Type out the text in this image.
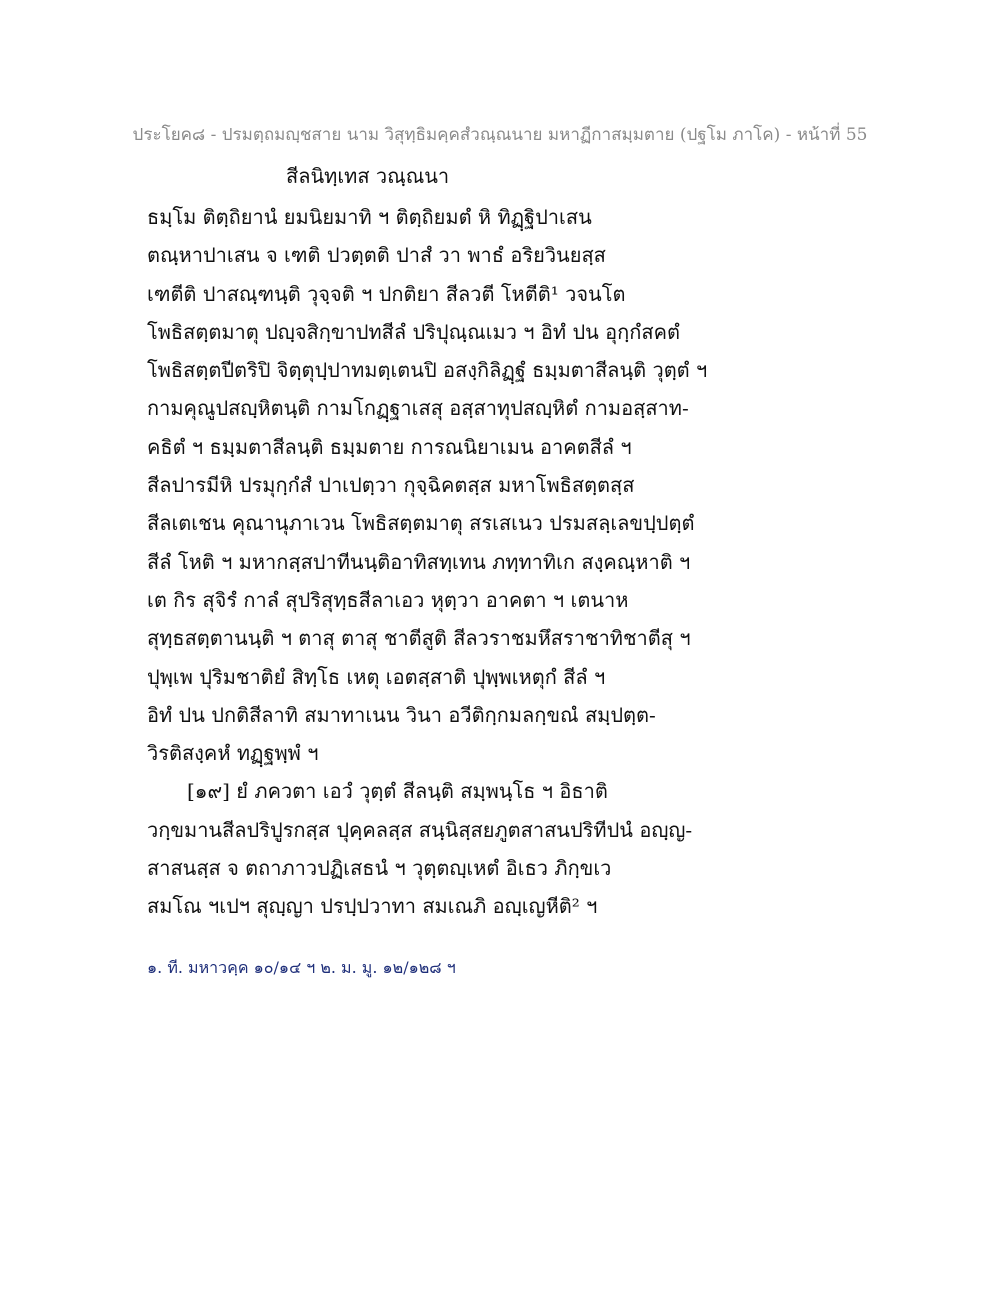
ประโยค๘ - ปรมตฺถมญฺชสาย นาม วิสุทฺธิมคฺคสํวณฺณนาย มหาฏีกาสมฺมตาย (ปฐโม ภาโค) - หน้าที่ 55
สีลนิทฺเทส วณฺณนา
ธมฺโม ติตฺถิยานํ ยมนิยมาทิ ฯ ติตฺถิยมตํ หิ ทิฏฺฐิปาเสน
ตณฺหาปาเสน จ เฑติ ปวตฺตติ ปาสํ วา พาธํ อริยวินยสฺส
เฑตีติ ปาสณฺฑนฺติ วุจฺจติ ฯ ปกติยา สีลวตี โหตีติ¹ วจนโต
โพธิสตฺตมาตุ ปญฺจสิกฺขาปทสีลํ ปริปุณฺณเมว ฯ อิทํ ปน อุกฺกํสคตํ
โพธิสตฺตปีตริปิ จิตฺตุปฺปาทมตฺเตนปิ อสงฺกิลิฏฺฐํ ธมฺมตาสีลนฺติ วุตฺตํ ฯ
กามคุณูปสญฺหิตนฺติ กามโกฏฺฐาเสสุ อสฺสาทุปสญฺหิตํ กามอสฺสาท-
คธิตํ ฯ ธมฺมตาสีลนฺติ ธมฺมตาย การณนิยาเมน อาคตสีลํ ฯ
สีลปารมีหิ ปรมุกฺกํสํ ปาเปตฺวา กุจฺฉิคตสฺส มหาโพธิสตฺตสฺส
สีลเตเชน คุณานุภาเวน โพธิสตฺตมาตุ สรเสเนว ปรมสลฺเลขปฺปตฺตํ
สีลํ โหติ ฯ มหากสฺสปาทีนนฺติอาทิสทฺเทน ภทฺทาทิเก สงฺคณฺหาติ ฯ
เต กิร สุจิรํ กาลํ สุปริสุทฺธสีลาเอว หุตฺวา อาคตา ฯ เตนาห
สุทฺธสตฺตานนฺติ ฯ ตาสุ ตาสุ ชาตีสูติ สีลวราชมหึสราชาทิชาตีสุ ฯ
ปุพฺเพ ปุริมชาติยํ สิทฺโธ เหตุ เอตสฺสาติ ปุพฺพเหตุกํ สีลํ ฯ
อิทํ ปน ปกติสีลาทิ สมาทาเนน วินา อวีติกฺกมลกฺขณํ สมฺปตฺต-
วิรติสงฺคหํ ทฏฺฐพฺพํ ฯ
[๑๙] ยํ ภควตา เอวํ วุตฺตํ สีลนฺติ สมฺพนฺโธ ฯ อิธาติ
วกฺขมานสีลปริปูรกสฺส ปุคฺคลสฺส สนฺนิสฺสยภูตสาสนปริทีปนํ อญฺญ-
สาสนสฺส จ ตถาภาวปฏิเสธนํ ฯ วุตฺตญฺเหตํ อิเธว ภิกฺขเว
สมโณ ฯเปฯ สุญฺญา ปรปฺปวาทา สมเณภิ อญฺเญหีติ² ฯ
๑. ที. มหาวคฺค ๑๐/๑๔ ฯ ๒. ม. มู. ๑๒/๑๒๘ ฯ
